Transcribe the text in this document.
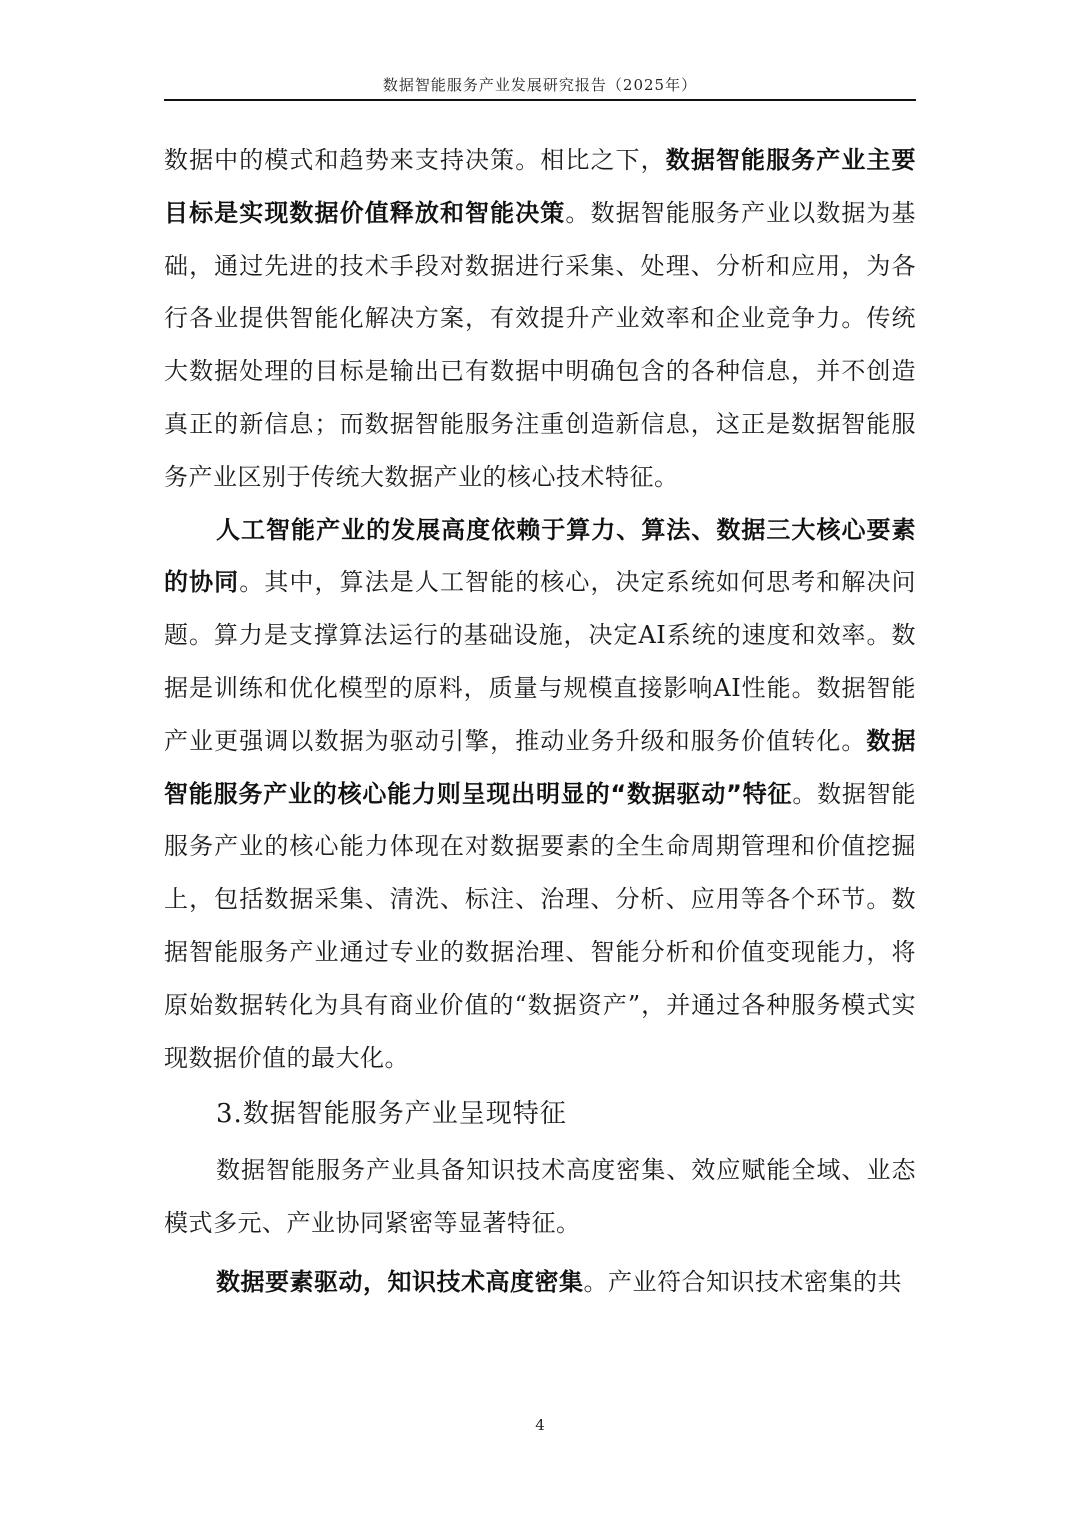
数据智能服务产业发展研究报告（2025年）

数据中的模式和趋势来支持决策。相比之下，数据智能服务产业主要目标是实现数据价值释放和智能决策。数据智能服务产业以数据为基础，通过先进的技术手段对数据进行采集、处理、分析和应用，为各行各业提供智能化解决方案，有效提升产业效率和企业竞争力。传统大数据处理的目标是输出已有数据中明确包含的各种信息，并不创造真正的新信息；而数据智能服务注重创造新信息，这正是数据智能服务产业区别于传统大数据产业的核心技术特征。

人工智能产业的发展高度依赖于算力、算法、数据三大核心要素的协同。其中，算法是人工智能的核心，决定系统如何思考和解决问题。算力是支撑算法运行的基础设施，决定AI系统的速度和效率。数据是训练和优化模型的原料，质量与规模直接影响AI性能。数据智能产业更强调以数据为驱动引擎，推动业务升级和服务价值转化。数据智能服务产业的核心能力则呈现出明显的“数据驱动”特征。数据智能服务产业的核心能力体现在对数据要素的全生命周期管理和价值挖掘上，包括数据采集、清洗、标注、治理、分析、应用等各个环节。数据智能服务产业通过专业的数据治理、智能分析和价值变现能力，将原始数据转化为具有商业价值的“数据资产”，并通过各种服务模式实现数据价值的最大化。

3.数据智能服务产业呈现特征

数据智能服务产业具备知识技术高度密集、效应赋能全域、业态模式多元、产业协同紧密等显著特征。

数据要素驱动，知识技术高度密集。产业符合知识技术密集的共

4
